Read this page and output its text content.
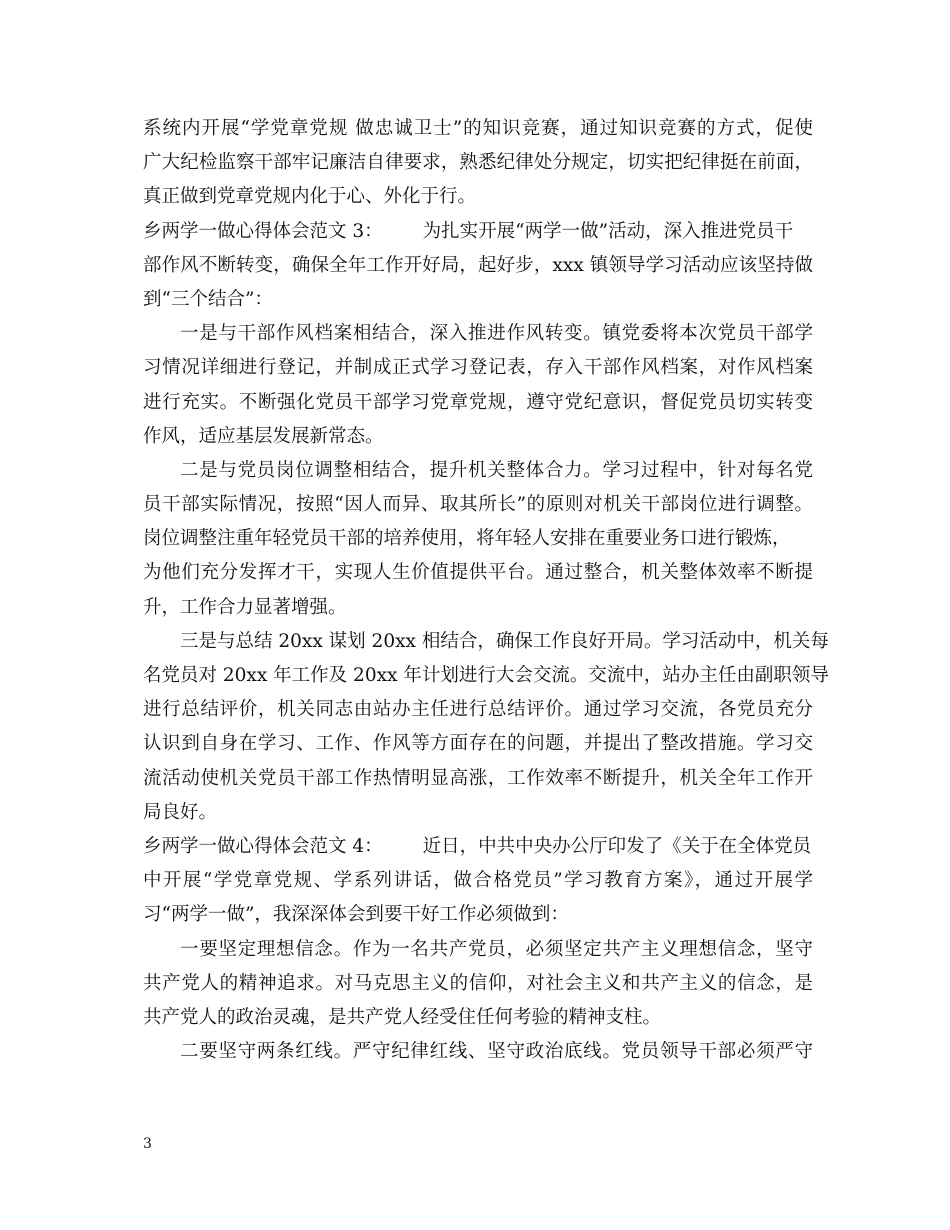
系统内开展“学党章党规 做忠诚卫士”的知识竞赛，通过知识竞赛的方式，促使
广大纪检监察干部牢记廉洁自律要求，熟悉纪律处分规定，切实把纪律挺在前面，
真正做到党章党规内化于心、外化于行。
乡两学一做心得体会范文 3： 为扎实开展“两学一做”活动，深入推进党员干
部作风不断转变，确保全年工作开好局，起好步，xxx 镇领导学习活动应该坚持做
到“三个结合”：
一是与干部作风档案相结合，深入推进作风转变。镇党委将本次党员干部学
习情况详细进行登记，并制成正式学习登记表，存入干部作风档案，对作风档案
进行充实。不断强化党员干部学习党章党规，遵守党纪意识，督促党员切实转变
作风，适应基层发展新常态。
二是与党员岗位调整相结合，提升机关整体合力。学习过程中，针对每名党
员干部实际情况，按照“因人而异、取其所长”的原则对机关干部岗位进行调整。
岗位调整注重年轻党员干部的培养使用，将年轻人安排在重要业务口进行锻炼，
为他们充分发挥才干，实现人生价值提供平台。通过整合，机关整体效率不断提
升，工作合力显著增强。
三是与总结 20xx 谋划 20xx 相结合，确保工作良好开局。学习活动中，机关每
名党员对 20xx 年工作及 20xx 年计划进行大会交流。交流中，站办主任由副职领导
进行总结评价，机关同志由站办主任进行总结评价。通过学习交流，各党员充分
认识到自身在学习、工作、作风等方面存在的问题，并提出了整改措施。学习交
流活动使机关党员干部工作热情明显高涨，工作效率不断提升，机关全年工作开
局良好。
乡两学一做心得体会范文 4： 近日，中共中央办公厅印发了《关于在全体党员
中开展“学党章党规、学系列讲话，做合格党员”学习教育方案》，通过开展学
习“两学一做”，我深深体会到要干好工作必须做到：
一要坚定理想信念。作为一名共产党员，必须坚定共产主义理想信念，坚守
共产党人的精神追求。对马克思主义的信仰，对社会主义和共产主义的信念，是
共产党人的政治灵魂，是共产党人经受住任何考验的精神支柱。
二要坚守两条红线。严守纪律红线、坚守政治底线。党员领导干部必须严守
3
